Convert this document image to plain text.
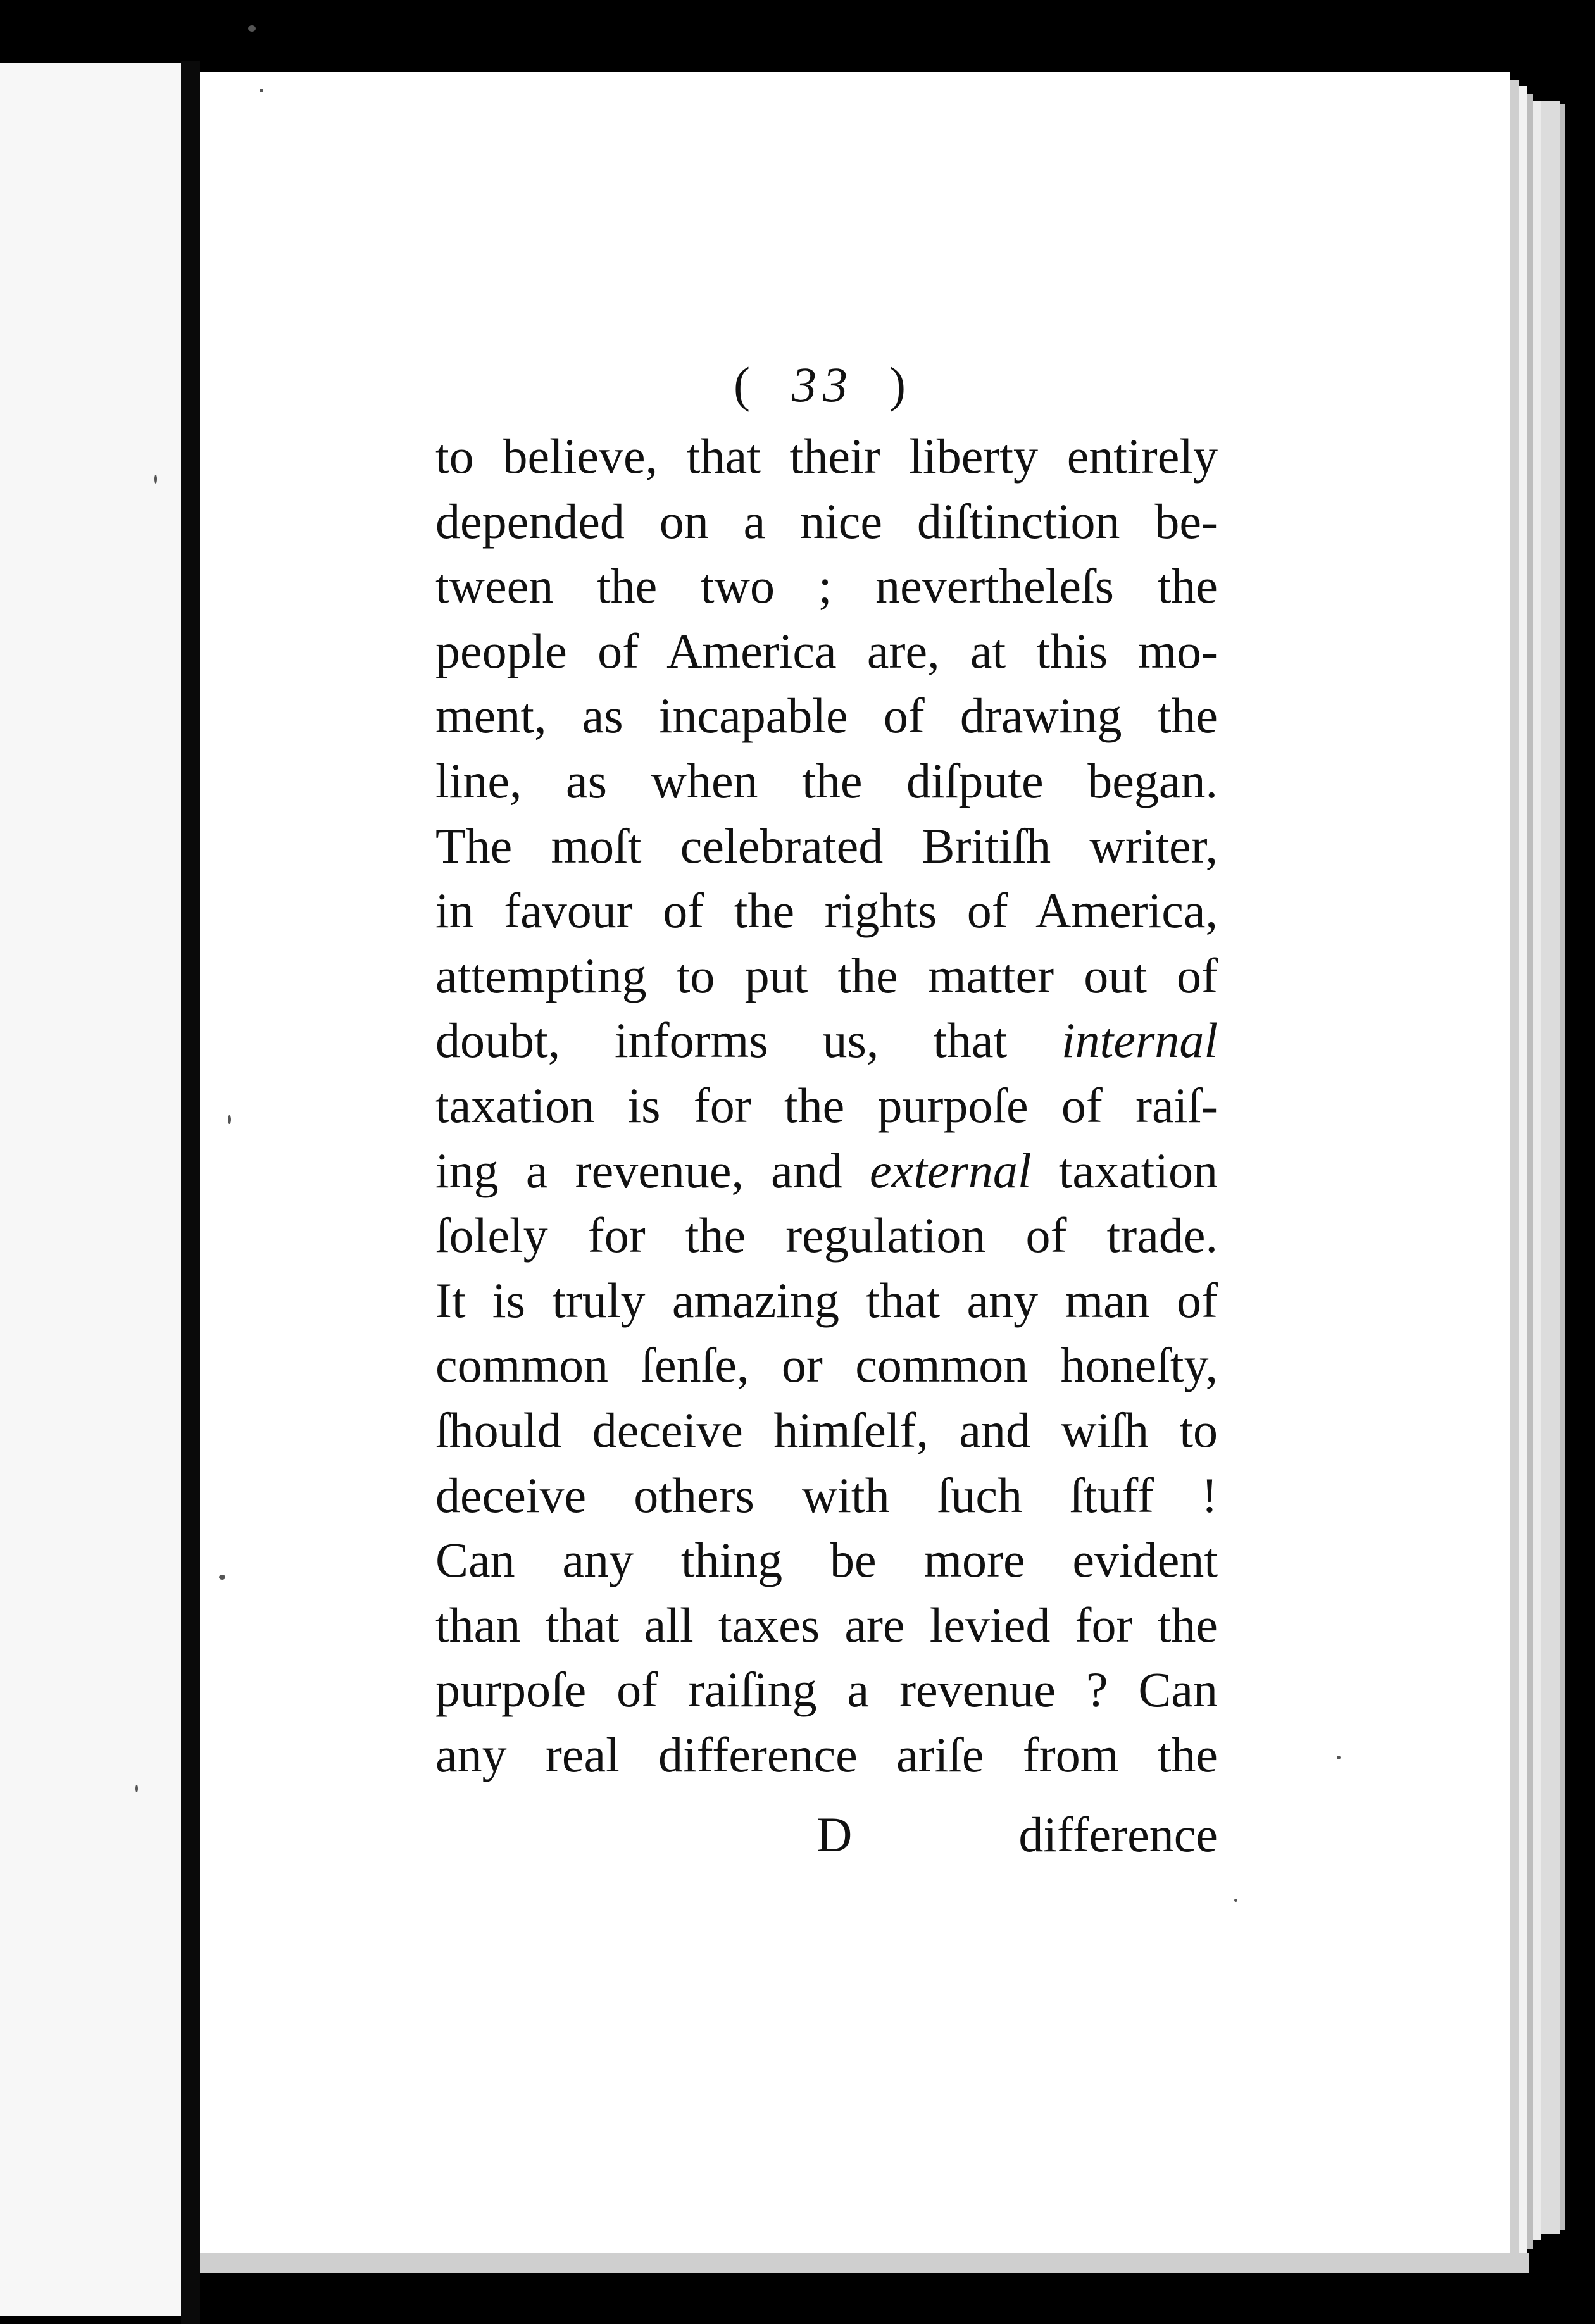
( 33 )
to believe, that their liberty entirely
depended on a nice diſtinction be-
tween the two ; nevertheleſs the
people of America are, at this mo-
ment, as incapable of drawing the
line, as when the diſpute began.
The moſt celebrated Britiſh writer,
in favour of the rights of America,
attempting to put the matter out of
doubt, informs us, that internal
taxation is for the purpoſe of raiſ-
ing a revenue, and external taxation
ſolely for the regulation of trade.
It is truly amazing that any man of
common ſenſe, or common honeſty,
ſhould deceive himſelf, and wiſh to
deceive others with ſuch ſtuff !
Can any thing be more evident
than that all taxes are levied for the
purpoſe of raiſing a revenue ? Can
any real difference ariſe from the
D	difference
